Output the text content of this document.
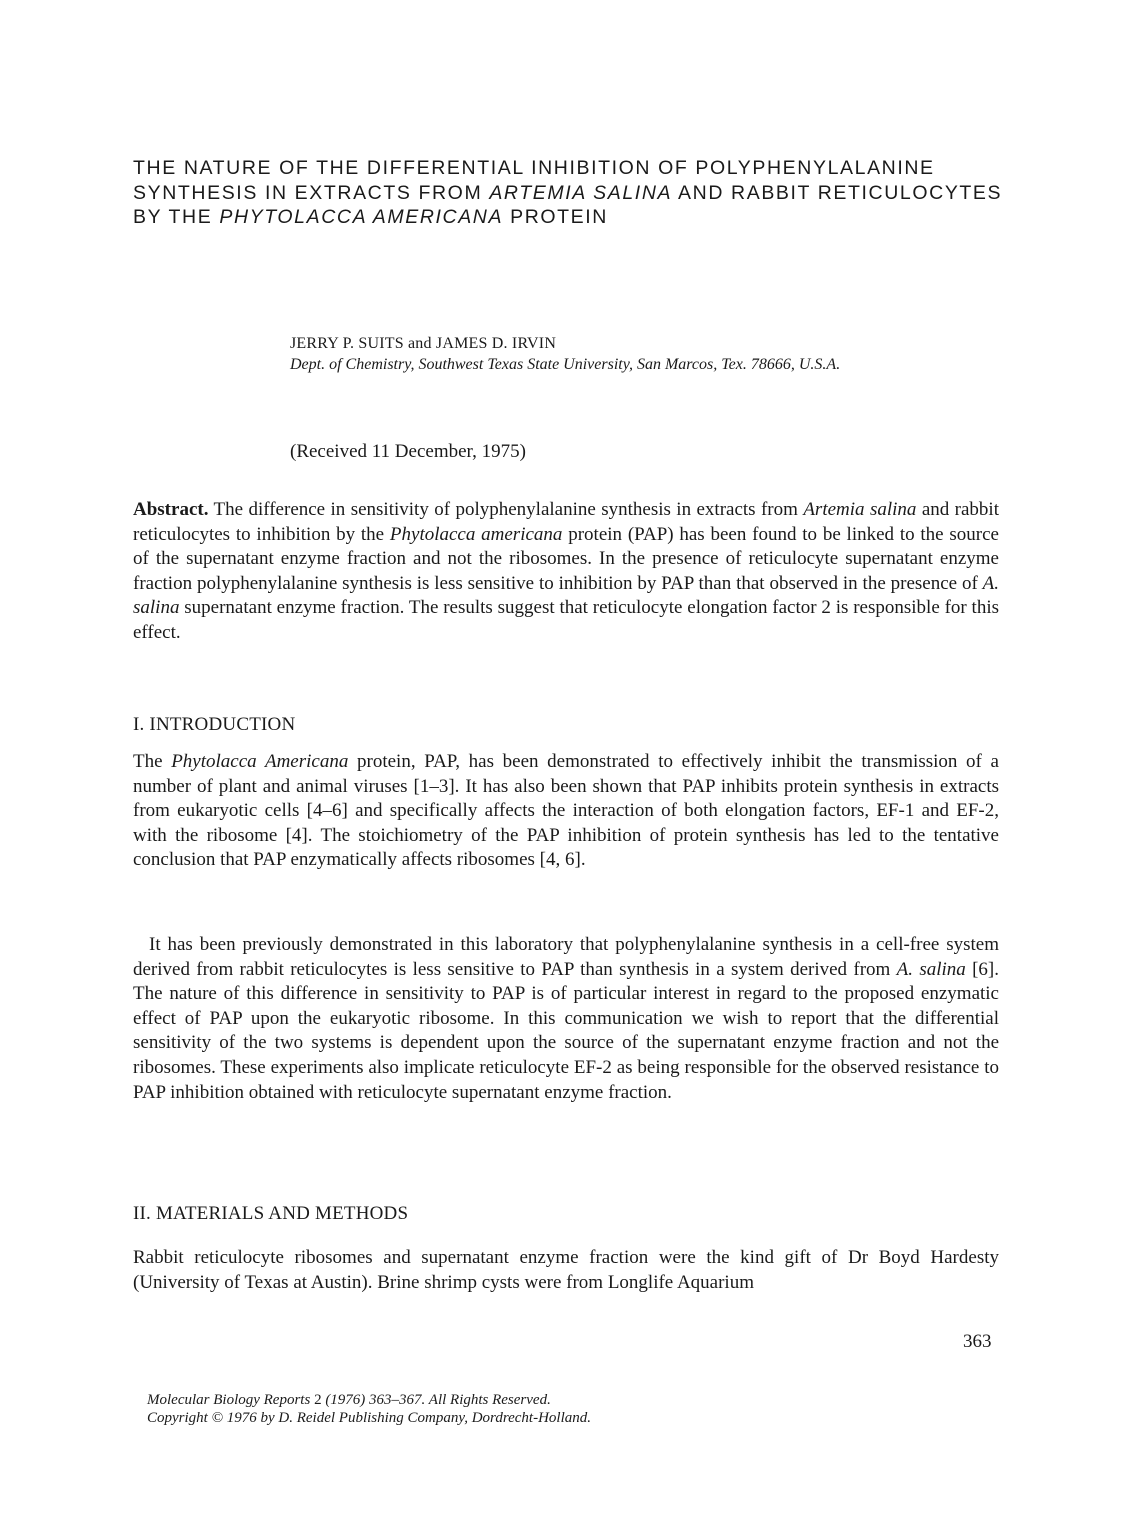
THE NATURE OF THE DIFFERENTIAL INHIBITION OF POLYPHENYLALANINE SYNTHESIS IN EXTRACTS FROM ARTEMIA SALINA AND RABBIT RETICULOCYTES BY THE PHYTOLACCA AMERICANA PROTEIN
JERRY P. SUITS and JAMES D. IRVIN
Dept. of Chemistry, Southwest Texas State University, San Marcos, Tex. 78666, U.S.A.
(Received 11 December, 1975)

Abstract. The difference in sensitivity of polyphenylalanine synthesis in extracts from Artemia salina and rabbit reticulocytes to inhibition by the Phytolacca americana protein (PAP) has been found to be linked to the source of the supernatant enzyme fraction and not the ribosomes. In the presence of reticulocyte supernatant enzyme fraction polyphenylalanine synthesis is less sensitive to inhibition by PAP than that observed in the presence of A. salina supernatant enzyme fraction. The results suggest that reticulocyte elongation factor 2 is responsible for this effect.

I. INTRODUCTION

The Phytolacca Americana protein, PAP, has been demonstrated to effectively inhibit the transmission of a number of plant and animal viruses [1–3]. It has also been shown that PAP inhibits protein synthesis in extracts from eukaryotic cells [4–6] and specifically affects the interaction of both elongation factors, EF-1 and EF-2, with the ribosome [4]. The stoichiometry of the PAP inhibition of protein synthesis has led to the tentative conclusion that PAP enzymatically affects ribosomes [4, 6].

It has been previously demonstrated in this laboratory that polyphenylalanine synthesis in a cell-free system derived from rabbit reticulocytes is less sensitive to PAP than synthesis in a system derived from A. salina [6]. The nature of this difference in sensitivity to PAP is of particular interest in regard to the proposed enzymatic effect of PAP upon the eukaryotic ribosome. In this communication we wish to report that the differential sensitivity of the two systems is dependent upon the source of the supernatant enzyme fraction and not the ribosomes. These experiments also implicate reticulocyte EF-2 as being responsible for the observed resistance to PAP inhibition obtained with reticulocyte supernatant enzyme fraction.

II. MATERIALS AND METHODS

Rabbit reticulocyte ribosomes and supernatant enzyme fraction were the kind gift of Dr Boyd Hardesty (University of Texas at Austin). Brine shrimp cysts were from Longlife Aquarium

363
Molecular Biology Reports 2 (1976) 363–367. All Rights Reserved.
Copyright © 1976 by D. Reidel Publishing Company, Dordrecht-Holland.
